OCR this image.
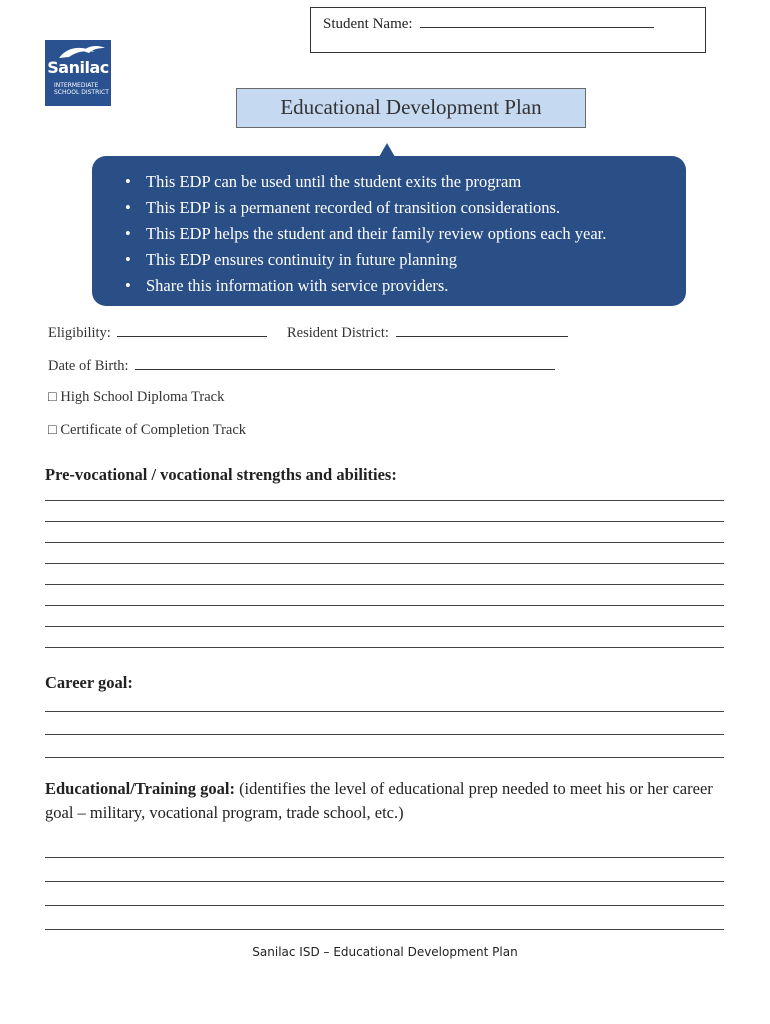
Student Name:
Sanilac
INTERMEDIATE
SCHOOL DISTRICT
Educational Development Plan
• This EDP can be used until the student exits the program
• This EDP is a permanent recorded of transition considerations.
• This EDP helps the student and their family review options each year.
• This EDP ensures continuity in future planning
• Share this information with service providers.
Eligibility:	Resident District:
Date of Birth:
□ High School Diploma Track
□ Certificate of Completion Track
Pre-vocational / vocational strengths and abilities:
Career goal:
Educational/Training goal: (identifies the level of educational prep needed to meet his or her career goal – military, vocational program, trade school, etc.)
Sanilac ISD – Educational Development Plan
